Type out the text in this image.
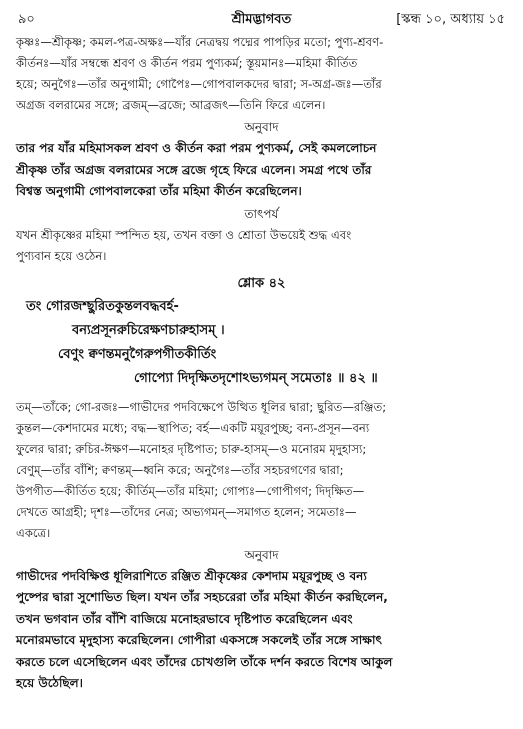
৯০	শ্রীমদ্ভাগবত	[স্কন্ধ ১০, অধ্যায় ১৫

কৃষ্ণঃ—শ্রীকৃষ্ণ; কমল-পত্র-অক্ষঃ—যাঁর নেত্রদ্বয় পদ্মের পাপড়ির মতো; পুণ্য-শ্রবণ-

কীর্তনঃ—যাঁর সম্বন্ধে শ্রবণ ও কীর্তন পরম পুণ্যকর্ম; স্তূয়মানঃ—মহিমা কীর্তিত

হয়ে; অনুগৈঃ—তাঁর অনুগামী; গোপৈঃ—গোপবালকদের দ্বারা; স-অগ্র-জঃ—তাঁর

অগ্রজ বলরামের সঙ্গে; ব্রজম্—ব্রজে; আব্রজৎ—তিনি ফিরে এলেন।

অনুবাদ

তার পর যাঁর মহিমাসকল শ্রবণ ও কীর্তন করা পরম পুণ্যকর্ম, সেই কমললোচন

শ্রীকৃষ্ণ তাঁর অগ্রজ বলরামের সঙ্গে ব্রজে গৃহে ফিরে এলেন। সমগ্র পথে তাঁর

বিশ্বস্ত অনুগামী গোপবালকেরা তাঁর মহিমা কীর্তন করেছিলেন।

তাৎপর্য

যখন শ্রীকৃষ্ণের মহিমা স্পন্দিত হয়, তখন বক্তা ও শ্রোতা উভয়েই শুদ্ধ এবং

পুণ্যবান হয়ে ওঠেন।

শ্লোক ৪২
তং গোরজশ্ছুরিতকুন্তলবদ্ধবর্হ-
বন্যপ্রসূনরুচিরেক্ষণচারুহাসম্ ।
বেণুং ক্বণন্তমনুগৈরুপগীতকীর্তিং
গোপ্যো দিদৃক্ষিতদৃশোঽভ্যগমন্ সমেতাঃ ॥ ৪২ ॥

তম্—তাঁকে; গো-রজঃ—গাভীদের পদবিক্ষেপে উত্থিত ধূলির দ্বারা; ছুরিত—রঞ্জিত;

কুন্তল—কেশদামের মধ্যে; বদ্ধ—স্থাপিত; বর্হ—একটি ময়ূরপুচ্ছ; বন্য-প্রসূন—বন্য

ফুলের দ্বারা; রুচির-ঈক্ষণ—মনোহর দৃষ্টিপাত; চারু-হাসম্—ও মনোরম মৃদুহাস্য;

বেণুম্—তাঁর বাঁশি; ক্বণন্তম্—ধ্বনি করে; অনুগৈঃ—তাঁর সহচরগণের দ্বারা;

উপগীত—কীর্তিত হয়ে; কীর্তিম্—তাঁর মহিমা; গোপ্যঃ—গোপীগণ; দিদৃক্ষিত—

দেখতে আগ্রহী; দৃশঃ—তাঁদের নেত্র; অভ্যগমন্—সমাগত হলেন; সমেতাঃ—

একত্রে।

অনুবাদ

গাভীদের পদবিক্ষিপ্ত ধূলিরাশিতে রঞ্জিত শ্রীকৃষ্ণের কেশদাম ময়ূরপুচ্ছ ও বন্য

পুষ্পের দ্বারা সুশোভিত ছিল। যখন তাঁর সহচরেরা তাঁর মহিমা কীর্তন করছিলেন,

তখন ভগবান তাঁর বাঁশি বাজিয়ে মনোহরভাবে দৃষ্টিপাত করেছিলেন এবং

মনোরমভাবে মৃদুহাস্য করেছিলেন। গোপীরা একসঙ্গে সকলেই তাঁর সঙ্গে সাক্ষাৎ

করতে চলে এসেছিলেন এবং তাঁদের চোখগুলি তাঁকে দর্শন করতে বিশেষ আকুল

হয়ে উঠেছিল।
